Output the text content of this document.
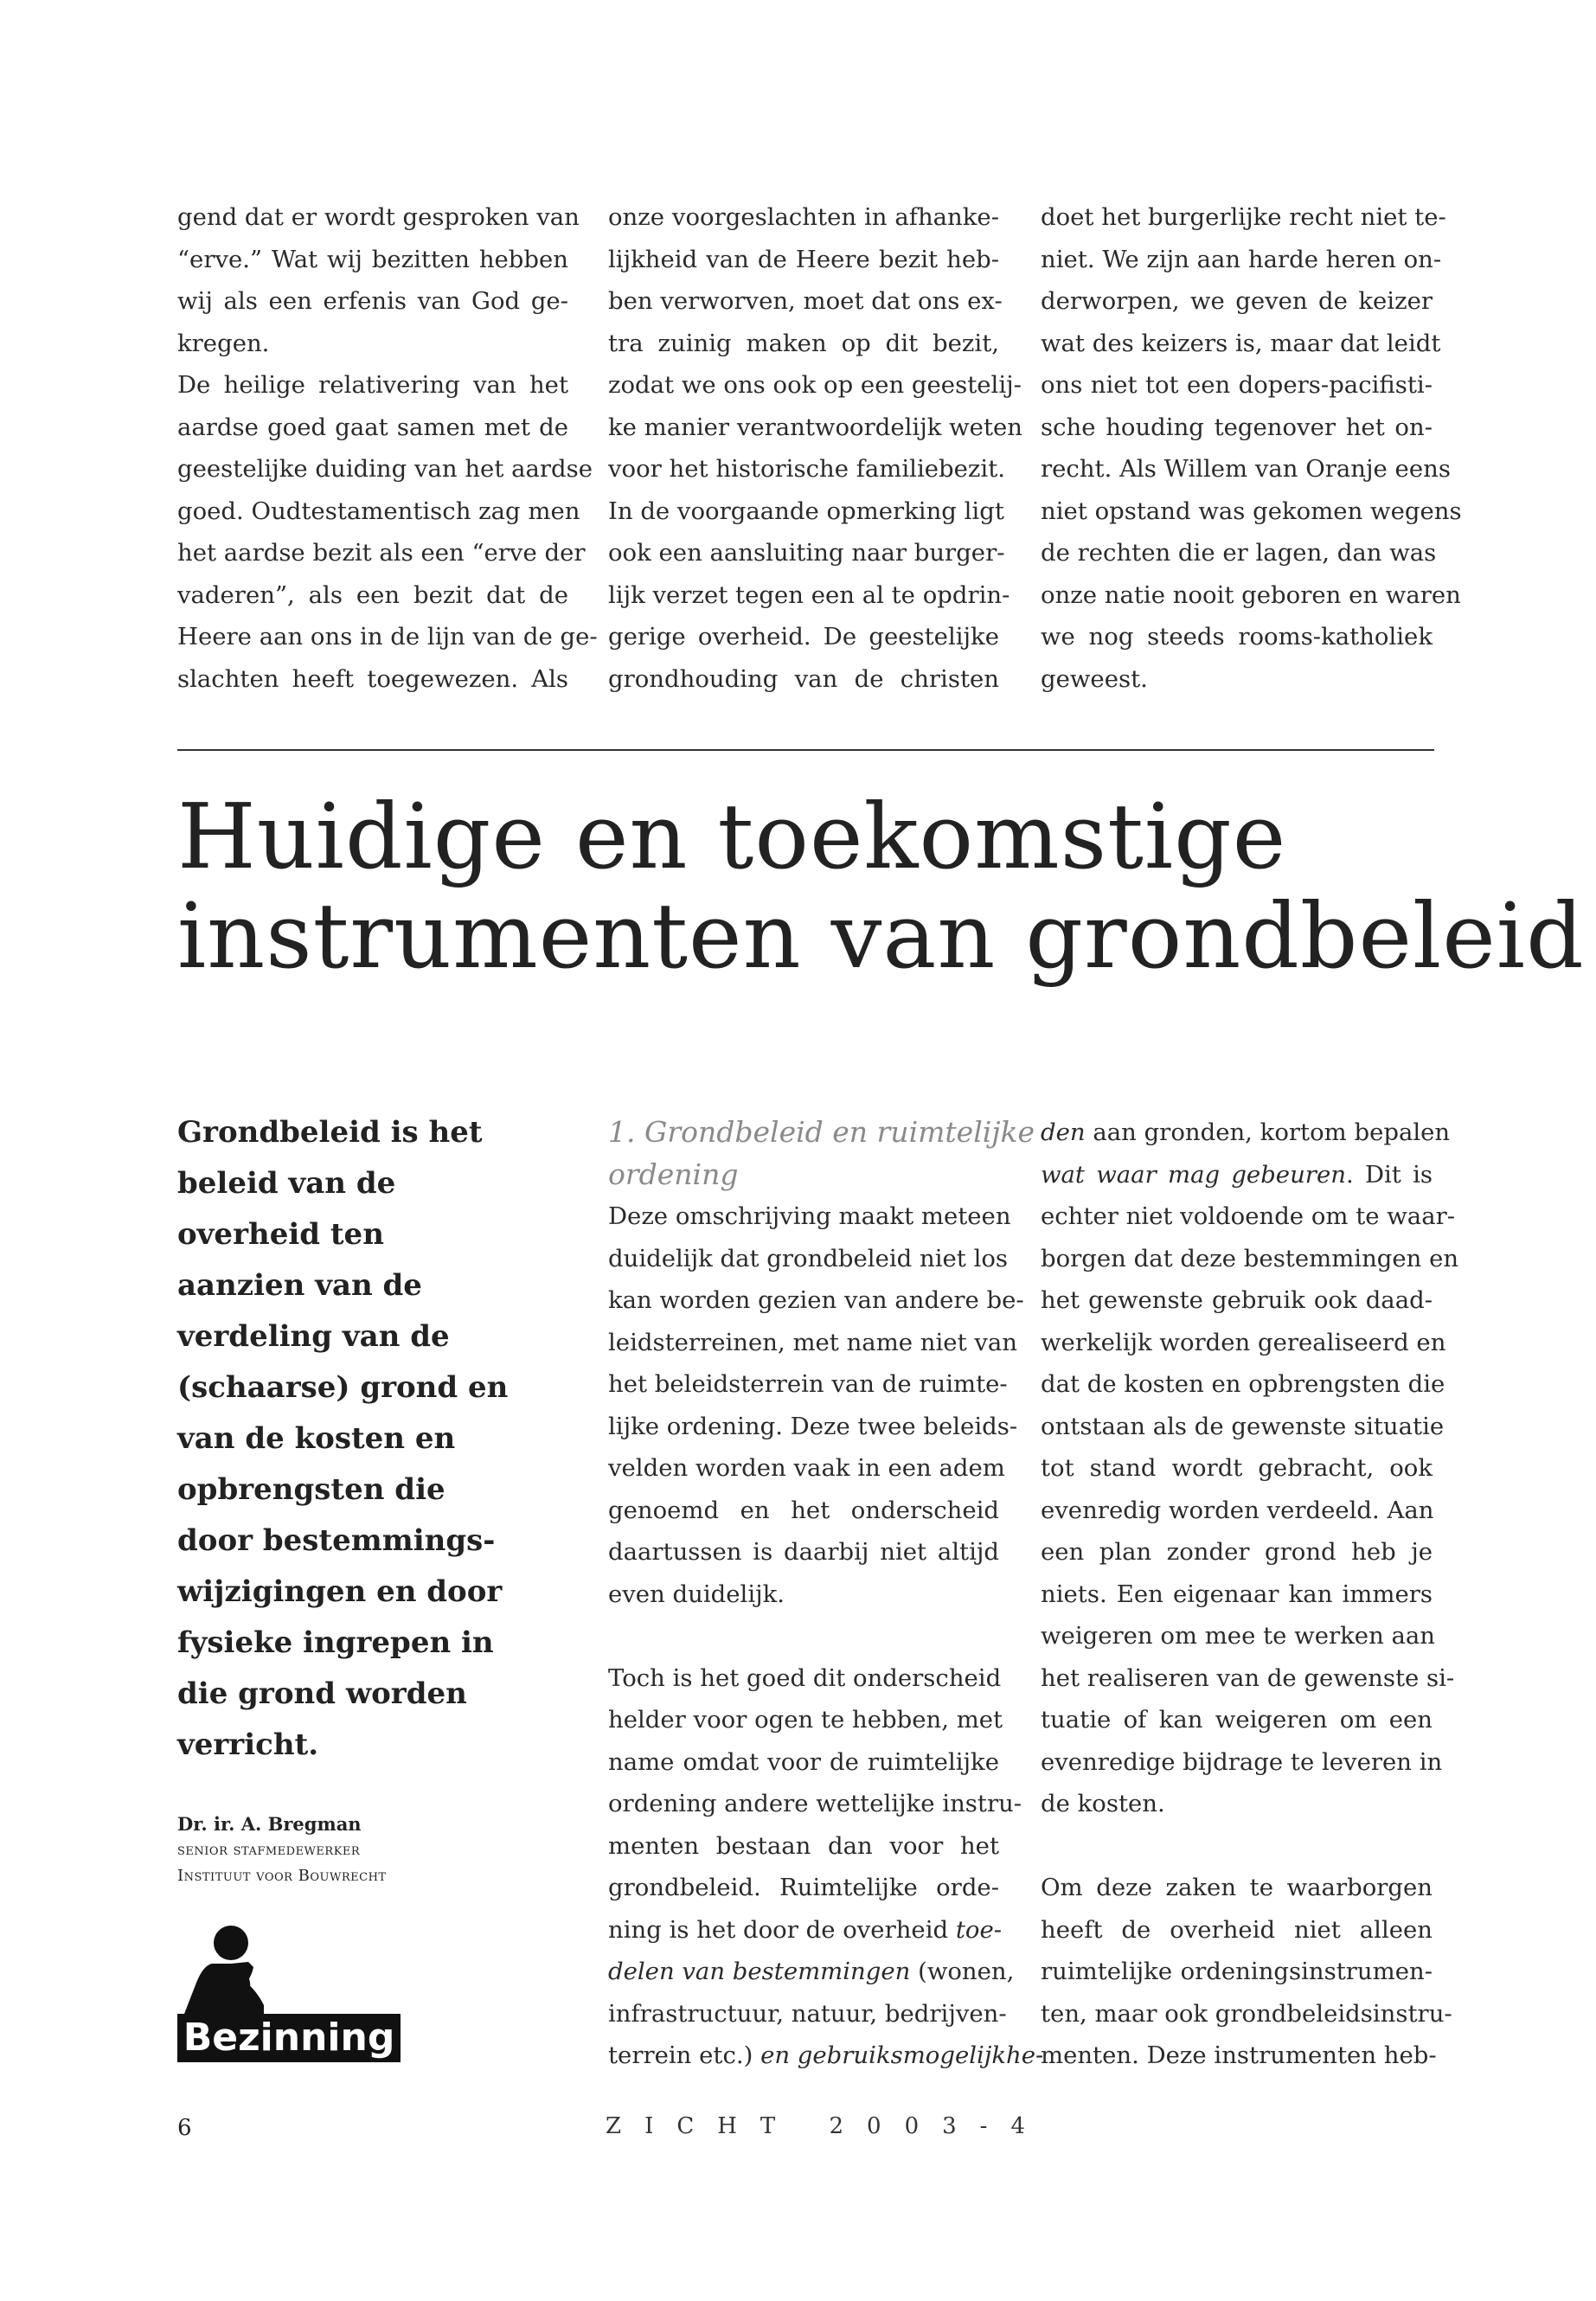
gend dat er wordt gesproken van
“erve.” Wat wij bezitten hebben
wij als een erfenis van God ge-
kregen.
De heilige relativering van het
aardse goed gaat samen met de
geestelijke duiding van het aardse
goed. Oudtestamentisch zag men
het aardse bezit als een “erve der
vaderen”, als een bezit dat de
Heere aan ons in de lijn van de ge-
slachten heeft toegewezen. Als
onze voorgeslachten in afhanke-
lijkheid van de Heere bezit heb-
ben verworven, moet dat ons ex-
tra zuinig maken op dit bezit,
zodat we ons ook op een geestelij-
ke manier verantwoordelijk weten
voor het historische familiebezit.
In de voorgaande opmerking ligt
ook een aansluiting naar burger-
lijk verzet tegen een al te opdrin-
gerige overheid. De geestelijke
grondhouding van de christen
doet het burgerlijke recht niet te-
niet. We zijn aan harde heren on-
derworpen, we geven de keizer
wat des keizers is, maar dat leidt
ons niet tot een dopers-pacifisti-
sche houding tegenover het on-
recht. Als Willem van Oranje eens
niet opstand was gekomen wegens
de rechten die er lagen, dan was
onze natie nooit geboren en waren
we nog steeds rooms-katholiek
geweest.
Huidige en toekomstige
instrumenten van grondbeleid
Grondbeleid is het
beleid van de
overheid ten
aanzien van de
verdeling van de
(schaarse) grond en
van de kosten en
opbrengsten die
door bestemmings-
wijzigingen en door
fysieke ingrepen in
die grond worden
verricht.
Dr. ir. A. Bregman
senior stafmedewerker
Instituut voor Bouwrecht
Bezinning
1. Grondbeleid en ruimtelijke
ordening
Deze omschrijving maakt meteen
duidelijk dat grondbeleid niet los
kan worden gezien van andere be-
leidsterreinen, met name niet van
het beleidsterrein van de ruimte-
lijke ordening. Deze twee beleids-
velden worden vaak in een adem
genoemd en het onderscheid
daartussen is daarbij niet altijd
even duidelijk.
Toch is het goed dit onderscheid
helder voor ogen te hebben, met
name omdat voor de ruimtelijke
ordening andere wettelijke instru-
menten bestaan dan voor het
grondbeleid. Ruimtelijke orde-
ning is het door de overheid toe-
delen van bestemmingen (wonen,
infrastructuur, natuur, bedrijven-
terrein etc.) en gebruiksmogelijkhe-
den aan gronden, kortom bepalen
wat waar mag gebeuren. Dit is
echter niet voldoende om te waar-
borgen dat deze bestemmingen en
het gewenste gebruik ook daad-
werkelijk worden gerealiseerd en
dat de kosten en opbrengsten die
ontstaan als de gewenste situatie
tot stand wordt gebracht, ook
evenredig worden verdeeld. Aan
een plan zonder grond heb je
niets. Een eigenaar kan immers
weigeren om mee te werken aan
het realiseren van de gewenste si-
tuatie of kan weigeren om een
evenredige bijdrage te leveren in
de kosten.
Om deze zaken te waarborgen
heeft de overheid niet alleen
ruimtelijke ordeningsinstrumen-
ten, maar ook grondbeleidsinstru-
menten. Deze instrumenten heb-
6	ZICHT 2003-4
